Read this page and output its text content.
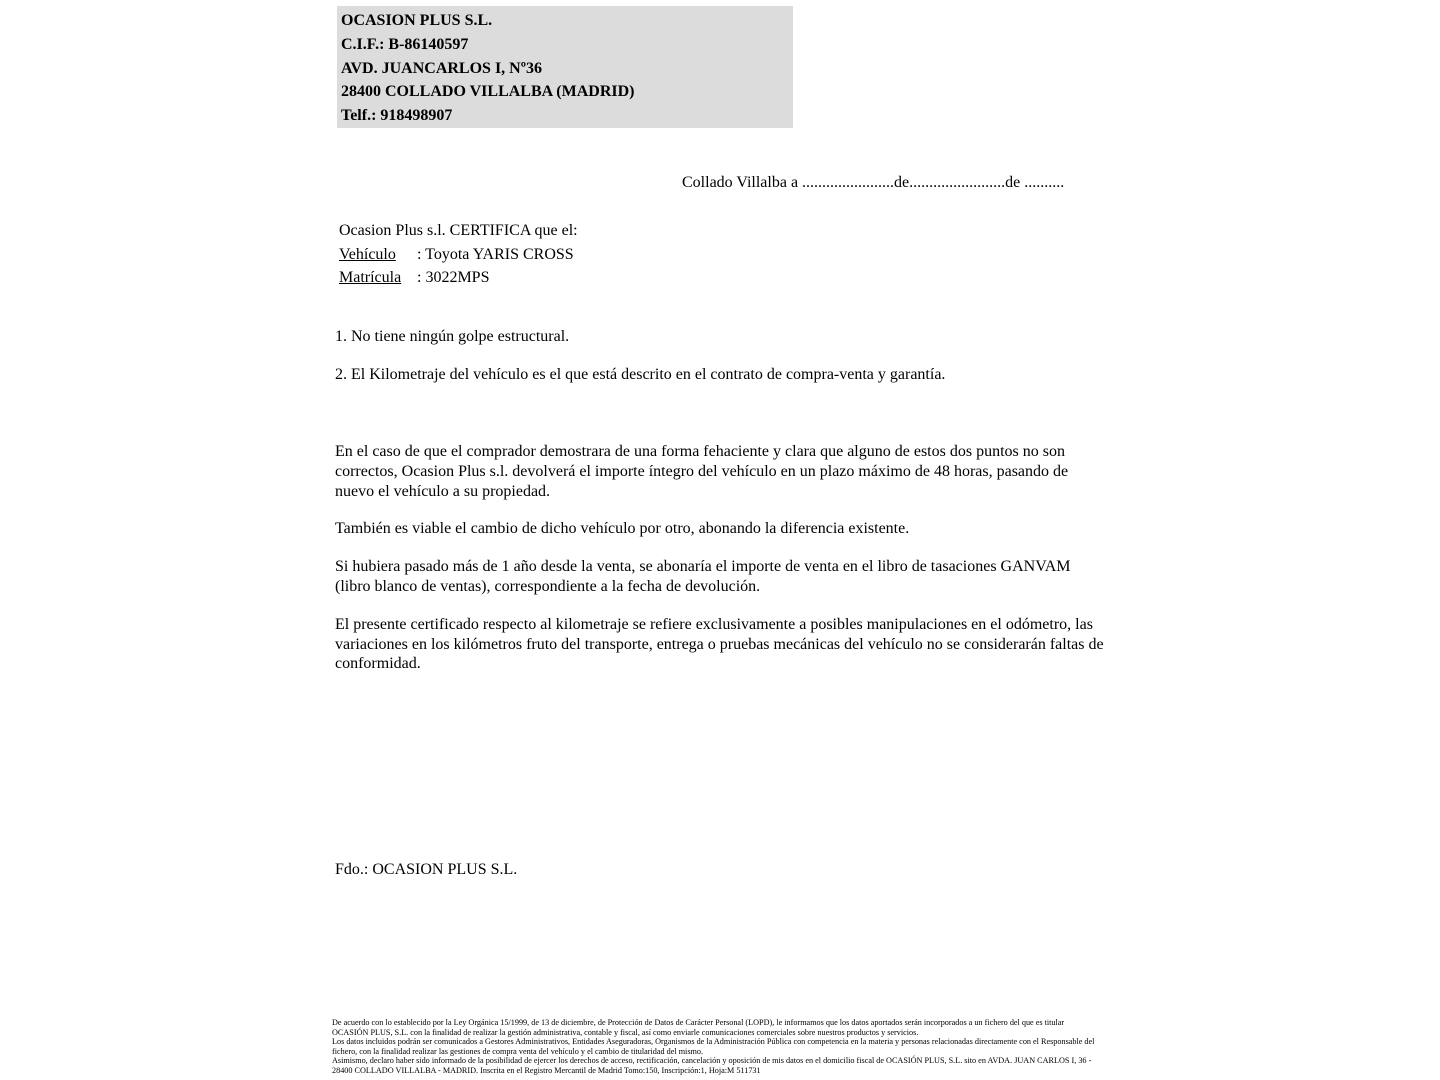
OCASION PLUS S.L.
C.I.F.: B-86140597
AVD. JUANCARLOS I, Nº36
28400 COLLADO VILLALBA (MADRID)
Telf.: 918498907
Collado Villalba a .......................de........................de ..........
Ocasion Plus s.l. CERTIFICA que el:
Vehículo : Toyota YARIS CROSS
Matrícula : 3022MPS
1. No tiene ningún golpe estructural.
2. El Kilometraje del vehículo es el que está descrito en el contrato de compra-venta y garantía.

En el caso de que el comprador demostrara de una forma fehaciente y clara que alguno de estos dos puntos no son correctos, Ocasion Plus s.l. devolverá el importe íntegro del vehículo en un plazo máximo de 48 horas, pasando de nuevo el vehículo a su propiedad.

También es viable el cambio de dicho vehículo por otro, abonando la diferencia existente.

Si hubiera pasado más de 1 año desde la venta, se abonaría el importe de venta en el libro de tasaciones GANVAM (libro blanco de ventas), correspondiente a la fecha de devolución.

El presente certificado respecto al kilometraje se refiere exclusivamente a posibles manipulaciones en el odómetro, las variaciones en los kilómetros fruto del transporte, entrega o pruebas mecánicas del vehículo no se considerarán faltas de conformidad.

Fdo.: OCASION PLUS S.L.

De acuerdo con lo establecido por la Ley Orgánica 15/1999, de 13 de diciembre, de Protección de Datos de Carácter Personal (LOPD), le informamos que los datos aportados serán incorporados a un fichero del que es titular OCASIÓN PLUS, S.L. con la finalidad de realizar la gestión administrativa, contable y fiscal, así como enviarle comunicaciones comerciales sobre nuestros productos y servicios.

Los datos incluidos podrán ser comunicados a Gestores Administrativos, Entidades Aseguradoras, Organismos de la Administración Pública con competencia en la materia y personas relacionadas directamente con el Responsable del fichero, con la finalidad realizar las gestiones de compra venta del vehículo y el cambio de titularidad del mismo.

Asimismo, declaro haber sido informado de la posibilidad de ejercer los derechos de acceso, rectificación, cancelación y oposición de mis datos en el domicilio fiscal de OCASIÓN PLUS, S.L. sito en AVDA. JUAN CARLOS I, 36 - 28400 COLLADO VILLALBA - MADRID. Inscrita en el Registro Mercantil de Madrid Tomo:150, Inscripción:1, Hoja:M 511731
